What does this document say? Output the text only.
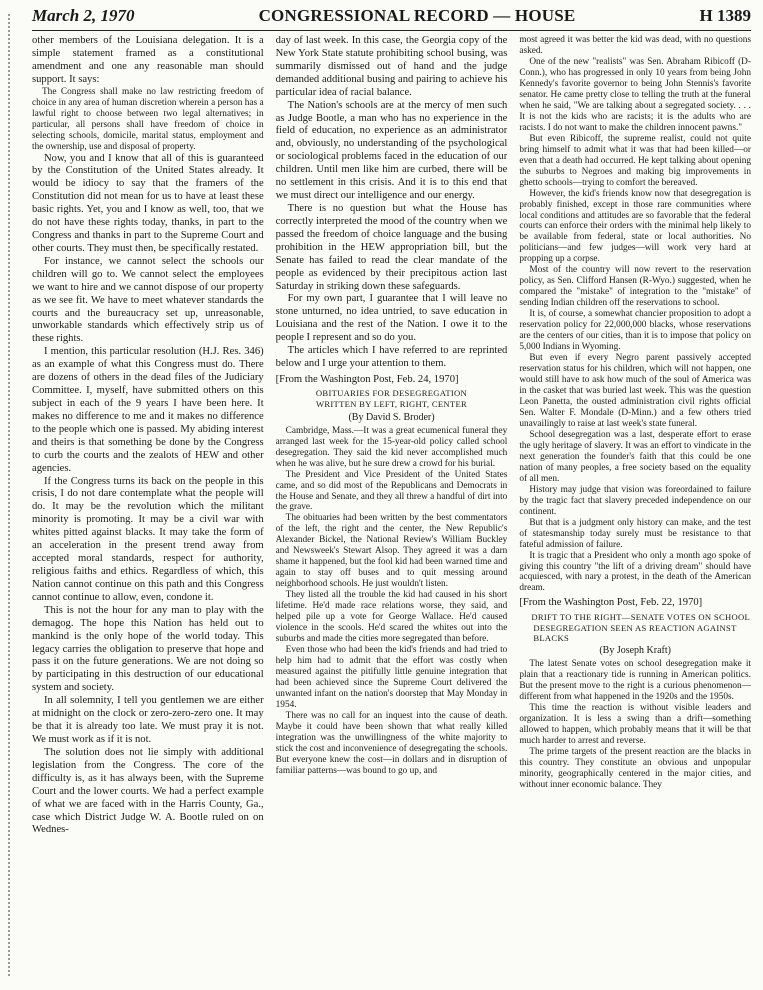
March 2, 1970	CONGRESSIONAL RECORD — HOUSE	H 1389

other members of the Louisiana delegation. It is a simple statement framed as a constitutional amendment and one any reasonable man should support. It says:

The Congress shall make no law restricting freedom of choice in any area of human discretion wherein a person has a lawful right to choose between two legal alternatives; in particular, all persons shall have freedom of choice in selecting schools, domicile, marital status, employment and the ownership, use and disposal of property.

Now, you and I know that all of this is guaranteed by the Constitution of the United States already. It would be idiocy to say that the framers of the Constitution did not mean for us to have at least these basic rights. Yet, you and I know as well, too, that we do not have these rights today, thanks, in part to the Congress and thanks in part to the Supreme Court and other courts. They must then, be specifically restated.

For instance, we cannot select the schools our children will go to. We cannot select the employees we want to hire and we cannot dispose of our property as we see fit. We have to meet whatever standards the courts and the bureaucracy set up, unreasonable, unworkable standards which effectively strip us of these rights.

I mention, this particular resolution (H.J. Res. 346) as an example of what this Congress must do. There are dozens of others in the dead files of the Judiciary Committee. I, myself, have submitted others on this subject in each of the 9 years I have been here. It makes no difference to me and it makes no difference to the people which one is passed. My abiding interest and theirs is that something be done by the Congress to curb the courts and the zealots of HEW and other agencies.

If the Congress turns its back on the people in this crisis, I do not dare contemplate what the people will do. It may be the revolution which the militant minority is promoting. It may be a civil war with whites pitted against blacks. It may take the form of an acceleration in the present trend away from accepted moral standards, respect for authority, religious faiths and ethics. Regardless of which, this Nation cannot continue on this path and this Congress cannot continue to allow, even, condone it.

This is not the hour for any man to play with the demagog. The hope this Nation has held out to mankind is the only hope of the world today. This legacy carries the obligation to preserve that hope and pass it on the future generations. We are not doing so by participating in this destruction of our educational system and society.

In all solemnity, I tell you gentlemen we are either at midnight on the clock or zero-zero-zero one. It may be that it is already too late. We must pray it is not. We must work as if it is not.

The solution does not lie simply with additional legislation from the Congress. The core of the difficulty is, as it has always been, with the Supreme Court and the lower courts. We had a perfect example of what we are faced with in the Harris County, Ga., case which District Judge W. A. Bootle ruled on on Wednes-

day of last week. In this case, the Georgia copy of the New York State statute prohibiting school busing, was summarily dismissed out of hand and the judge demanded additional busing and pairing to achieve his particular idea of racial balance.

The Nation's schools are at the mercy of men such as Judge Bootle, a man who has no experience in the field of education, no experience as an administrator and, obviously, no understanding of the psychological or sociological problems faced in the education of our children. Until men like him are curbed, there will be no settlement in this crisis. And it is to this end that we must direct our intelligence and our energy.

There is no question but what the House has correctly interpreted the mood of the country when we passed the freedom of choice language and the busing prohibition in the HEW appropriation bill, but the Senate has failed to read the clear mandate of the people as evidenced by their precipitous action last Saturday in striking down these safeguards.

For my own part, I guarantee that I will leave no stone unturned, no idea untried, to save education in Louisiana and the rest of the Nation. I owe it to the people I represent and so do you.

The articles which I have referred to are reprinted below and I urge your attention to them.

[From the Washington Post, Feb. 24, 1970]

OBITUARIES FOR DESEGREGATION

WRITTEN BY LEFT, RIGHT, CENTER

(By David S. Broder)

Cambridge, Mass.—It was a great ecumenical funeral they arranged last week for the 15-year-old policy called school desegregation. They said the kid never accomplished much when he was alive, but he sure drew a crowd for his burial.

The President and Vice President of the United States came, and so did most of the Republicans and Democrats in the House and Senate, and they all threw a handful of dirt into the grave.

The obituaries had been written by the best commentators of the left, the right and the center, the New Republic's Alexander Bickel, the National Review's William Buckley and Newsweek's Stewart Alsop. They agreed it was a darn shame it happened, but the fool kid had been warned time and again to stay off buses and to quit messing around neighborhood schools. He just wouldn't listen.

They listed all the trouble the kid had caused in his short lifetime. He'd made race relations worse, they said, and helped pile up a vote for George Wallace. He'd caused violence in the scools. He'd scared the whites out into the suburbs and made the cities more segregated than before.

Even those who had been the kid's friends and had tried to help him had to admit that the effort was costly when measured against the pitifully little genuine integration that had been achieved since the Supreme Court delivered the unwanted infant on the nation's doorstep that May Monday in 1954.

There was no call for an inquest into the cause of death. Maybe it could have been shown that what really killed integration was the unwillingness of the white majority to stick the cost and inconvenience of desegregating the schools. But everyone knew the cost—in dollars and in disruption of familiar patterns—was bound to go up, and

most agreed it was better the kid was dead, with no questions asked.

One of the new "realists" was Sen. Abraham Ribicoff (D-Conn.), who has progressed in only 10 years from being John Kennedy's favorite governor to being John Stennis's favorite senator. He came pretty close to telling the truth at the funeral when he said, "We are talking about a segregated society. . . . It is not the kids who are racists; it is the adults who are racists. I do not want to make the children innocent pawns."

But even Ribicoff, the supreme realist, could not quite bring himself to admit what it was that had been killed—or even that a death had occurred. He kept talking about opening the suburbs to Negroes and making big improvements in ghetto schools—trying to comfort the bereaved.

However, the kid's friends know now that desegregation is probably finished, except in those rare communities where local conditions and attitudes are so favorable that the federal courts can enforce their orders with the minimal help likely to be available from federal, state or local authorities. No politicians—and few judges—will work very hard at propping up a corpse.

Most of the country will now revert to the reservation policy, as Sen. Clifford Hansen (R-Wyo.) suggested, when he compared the "mistake" of integration to the "mistake" of sending Indian children off the reservations to school.

It is, of course, a somewhat chancier proposition to adopt a reservation policy for 22,000,000 blacks, whose reservations are the centers of our cities, than it is to impose that policy on 5,000 Indians in Wyoming.

But even if every Negro parent passively accepted reservation status for his children, which will not happen, one would still have to ask how much of the soul of America was in the casket that was buried last week. This was the question Leon Panetta, the ousted administration civil rights official Sen. Walter F. Mondale (D-Minn.) and a few others tried unavailingly to raise at last week's state funeral.

School desegregation was a last, desperate effort to erase the ugly heritage of slavery. It was an effort to vindicate in the next generation the founder's faith that this could be one nation of many peoples, a free society based on the equality of all men.

History may judge that vision was foreordained to failure by the tragic fact that slavery preceded independence on our continent.

But that is a judgment only history can make, and the test of statesmanship today surely must be resistance to that fateful admission of failure.

It is tragic that a President who only a month ago spoke of giving this country "the lift of a driving dream" should have acquiesced, with nary a protest, in the death of the American dream.

[From the Washington Post, Feb. 22, 1970]

DRIFT TO THE RIGHT—SENATE VOTES ON SCHOOL DESEGREGATION SEEN AS REACTION AGAINST BLACKS

(By Joseph Kraft)

The latest Senate votes on school desegregation make it plain that a reactionary tide is running in American politics. But the present move to the right is a curious phenomenon—different from what happened in the 1920s and the 1950s.

This time the reaction is without visible leaders and organization. It is less a swing than a drift—something allowed to happen, which probably means that it will be that much harder to arrest and reverse.

The prime targets of the present reaction are the blacks in this country. They constitute an obvious and unpopular minority, geographically centered in the major cities, and without inner economic balance. They
